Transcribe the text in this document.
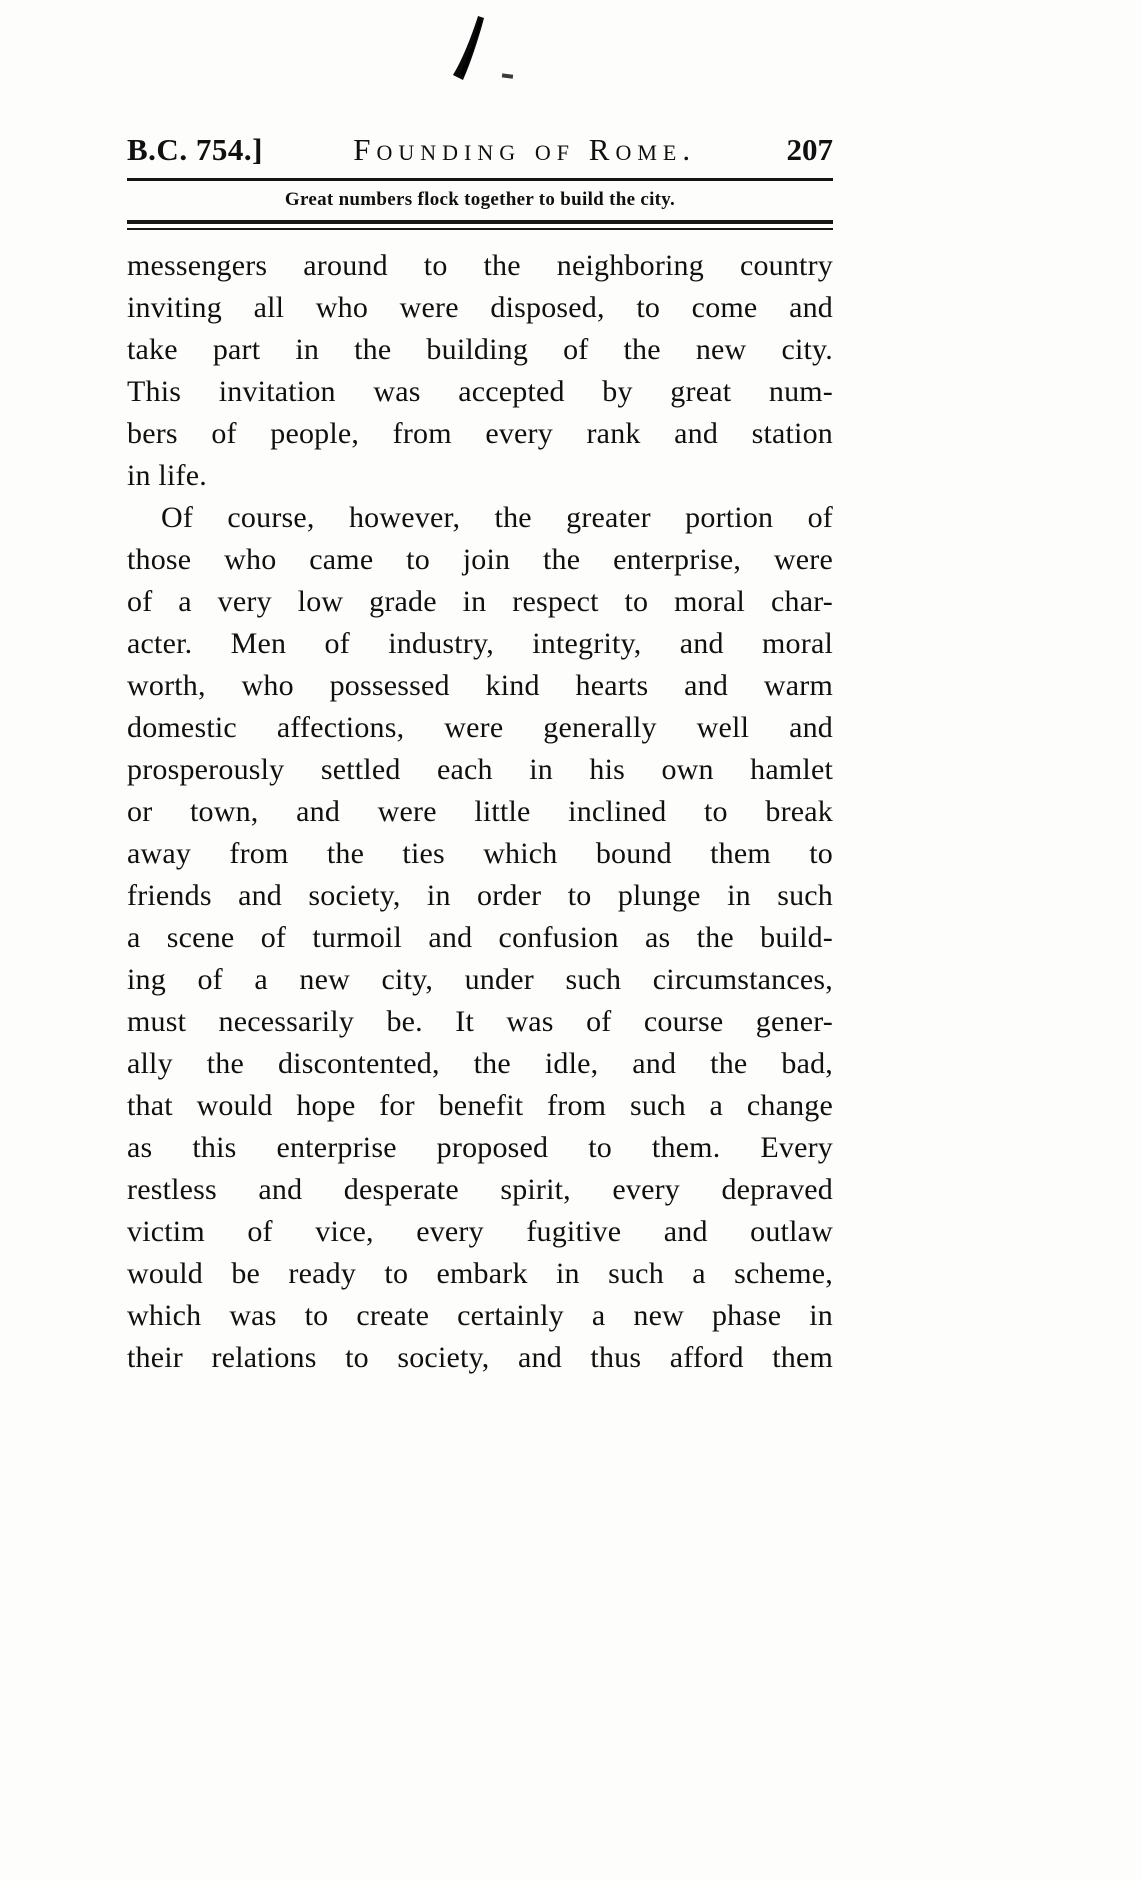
B.C. 754.]	Founding of Rome.	207
Great numbers flock together to build the city.
messengers around to the neighboring country
inviting all who were disposed, to come and
take part in the building of the new city.
This invitation was accepted by great num-
bers of people, from every rank and station
in life.
Of course, however, the greater portion of
those who came to join the enterprise, were
of a very low grade in respect to moral char-
acter. Men of industry, integrity, and moral
worth, who possessed kind hearts and warm
domestic affections, were generally well and
prosperously settled each in his own hamlet
or town, and were little inclined to break
away from the ties which bound them to
friends and society, in order to plunge in such
a scene of turmoil and confusion as the build-
ing of a new city, under such circumstances,
must necessarily be. It was of course gener-
ally the discontented, the idle, and the bad,
that would hope for benefit from such a change
as this enterprise proposed to them. Every
restless and desperate spirit, every depraved
victim of vice, every fugitive and outlaw
would be ready to embark in such a scheme,
which was to create certainly a new phase in
their relations to society, and thus afford them
